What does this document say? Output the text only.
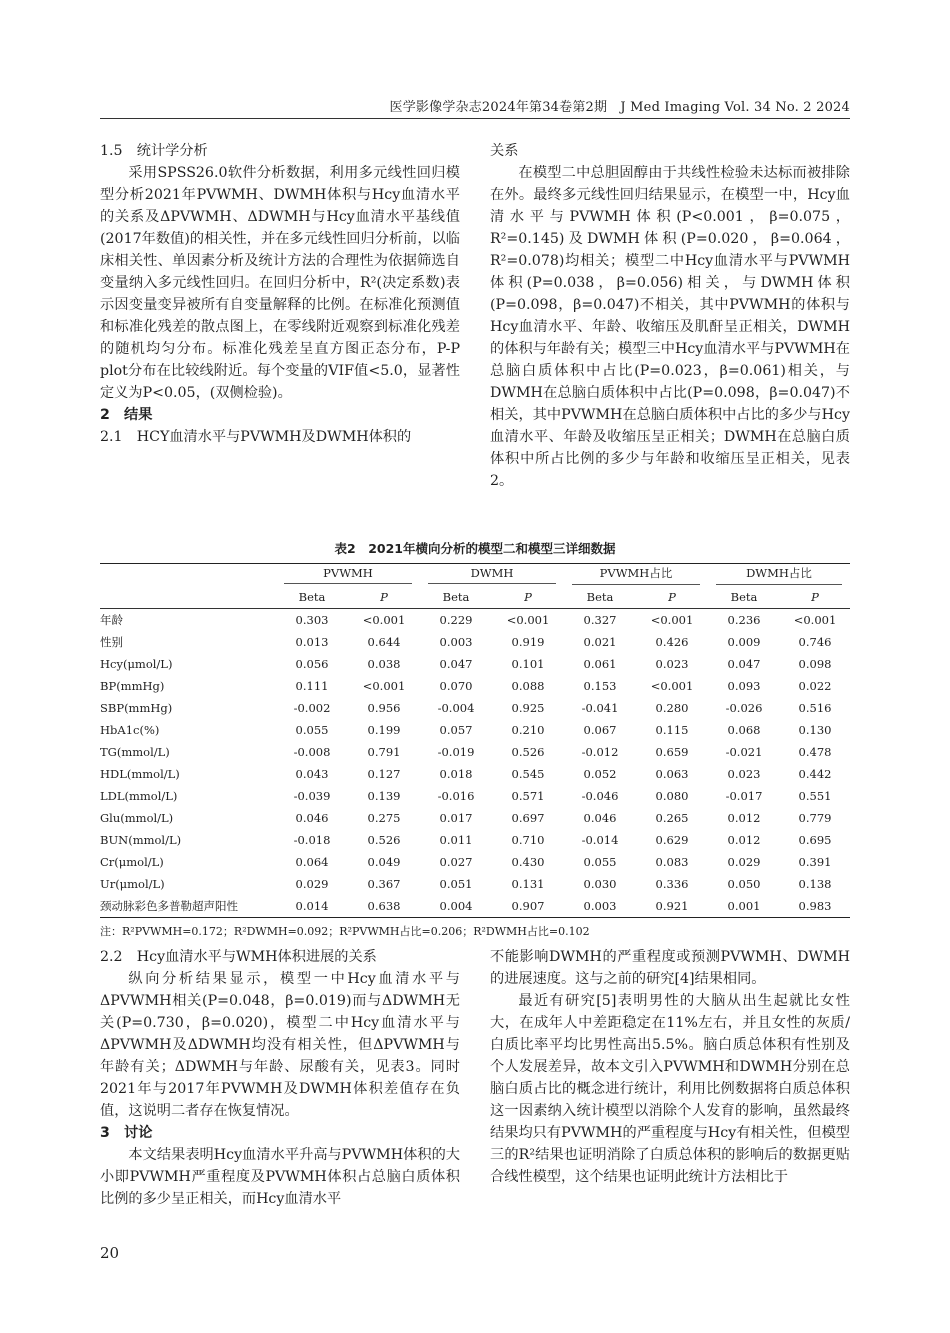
医学影像学杂志2024年第34卷第2期　J Med Imaging Vol. 34 No. 2 2024

1.5　统计学分析

采用SPSS26.0软件分析数据，利用多元线性回归模型分析2021年PVWMH、DWMH体积与Hcy血清水平的关系及ΔPVWMH、ΔDWMH与Hcy血清水平基线值(2017年数值)的相关性，并在多元线性回归分析前，以临床相关性、单因素分析及统计方法的合理性为依据筛选自变量纳入多元线性回归。在回归分析中，R²(决定系数)表示因变量变异被所有自变量解释的比例。在标准化预测值和标准化残差的散点图上，在零线附近观察到标准化残差的随机均匀分布。标准化残差呈直方图正态分布，P-P plot分布在比较线附近。每个变量的VIF值<5.0，显著性定义为P<0.05，(双侧检验)。

2　结果

2.1　HCY血清水平与PVWMH及DWMH体积的

关系

在模型二中总胆固醇由于共线性检验未达标而被排除在外。最终多元线性回归结果显示，在模型一中，Hcy血清水平与PVWMH体积(P<0.001，β=0.075，R²=0.145)及DWMH体积(P=0.020，β=0.064，R²=0.078)均相关；模型二中Hcy血清水平与PVWMH体积(P=0.038，β=0.056)相关，与DWMH体积(P=0.098，β=0.047)不相关，其中PVWMH的体积与Hcy血清水平、年龄、收缩压及肌酐呈正相关，DWMH的体积与年龄有关；模型三中Hcy血清水平与PVWMH在总脑白质体积中占比(P=0.023，β=0.061)相关，与DWMH在总脑白质体积中占比(P=0.098，β=0.047)不相关，其中PVWMH在总脑白质体积中占比的多少与Hcy血清水平、年龄及收缩压呈正相关；DWMH在总脑白质体积中所占比例的多少与年龄和收缩压呈正相关，见表2。

表2　2021年横向分析的模型二和模型三详细数据

	PVWMH		DWMH		PVWMH占比		DWMH占比	

	Beta	P	Beta	P	Beta	P	Beta	P
年龄	0.303	<0.001	0.229	<0.001	0.327	<0.001	0.236	<0.001
性别	0.013	0.644	0.003	0.919	0.021	0.426	0.009	0.746
Hcy(μmol/L)	0.056	0.038	0.047	0.101	0.061	0.023	0.047	0.098
BP(mmHg)	0.111	<0.001	0.070	0.088	0.153	<0.001	0.093	0.022
SBP(mmHg)	-0.002	0.956	-0.004	0.925	-0.041	0.280	-0.026	0.516
HbA1c(%)	0.055	0.199	0.057	0.210	0.067	0.115	0.068	0.130
TG(mmol/L)	-0.008	0.791	-0.019	0.526	-0.012	0.659	-0.021	0.478
HDL(mmol/L)	0.043	0.127	0.018	0.545	0.052	0.063	0.023	0.442
LDL(mmol/L)	-0.039	0.139	-0.016	0.571	-0.046	0.080	-0.017	0.551
Glu(mmol/L)	0.046	0.275	0.017	0.697	0.046	0.265	0.012	0.779
BUN(mmol/L)	-0.018	0.526	0.011	0.710	-0.014	0.629	0.012	0.695
Cr(μmol/L)	0.064	0.049	0.027	0.430	0.055	0.083	0.029	0.391
Ur(μmol/L)	0.029	0.367	0.051	0.131	0.030	0.336	0.050	0.138
颈动脉彩色多普勒超声阳性	0.014	0.638	0.004	0.907	0.003	0.921	0.001	0.983
注：R²PVWMH=0.172；R²DWMH=0.092；R²PVWMH占比=0.206；R²DWMH占比=0.102

2.2　Hcy血清水平与WMH体积进展的关系

纵向分析结果显示，模型一中Hcy血清水平与ΔPVWMH相关(P=0.048，β=0.019)而与ΔDWMH无关(P=0.730，β=0.020)，模型二中Hcy血清水平与ΔPVWMH及ΔDWMH均没有相关性，但ΔPVWMH与年龄有关；ΔDWMH与年龄、尿酸有关，见表3。同时2021年与2017年PVWMH及DWMH体积差值存在负值，这说明二者存在恢复情况。

3　讨论

本文结果表明Hcy血清水平升高与PVWMH体积的大小即PVWMH严重程度及PVWMH体积占总脑白质体积比例的多少呈正相关，而Hcy血清水平

不能影响DWMH的严重程度或预测PVWMH、DWMH的进展速度。这与之前的研究[4]结果相同。

最近有研究[5]表明男性的大脑从出生起就比女性大，在成年人中差距稳定在11%左右，并且女性的灰质/白质比率平均比男性高出5.5%。脑白质总体积有性别及个人发展差异，故本文引入PVWMH和DWMH分别在总脑白质占比的概念进行统计，利用比例数据将白质总体积这一因素纳入统计模型以消除个人发育的影响，虽然最终结果均只有PVWMH的严重程度与Hcy有相关性，但模型三的R²结果也证明消除了白质总体积的影响后的数据更贴合线性模型，这个结果也证明此统计方法相比于

20
